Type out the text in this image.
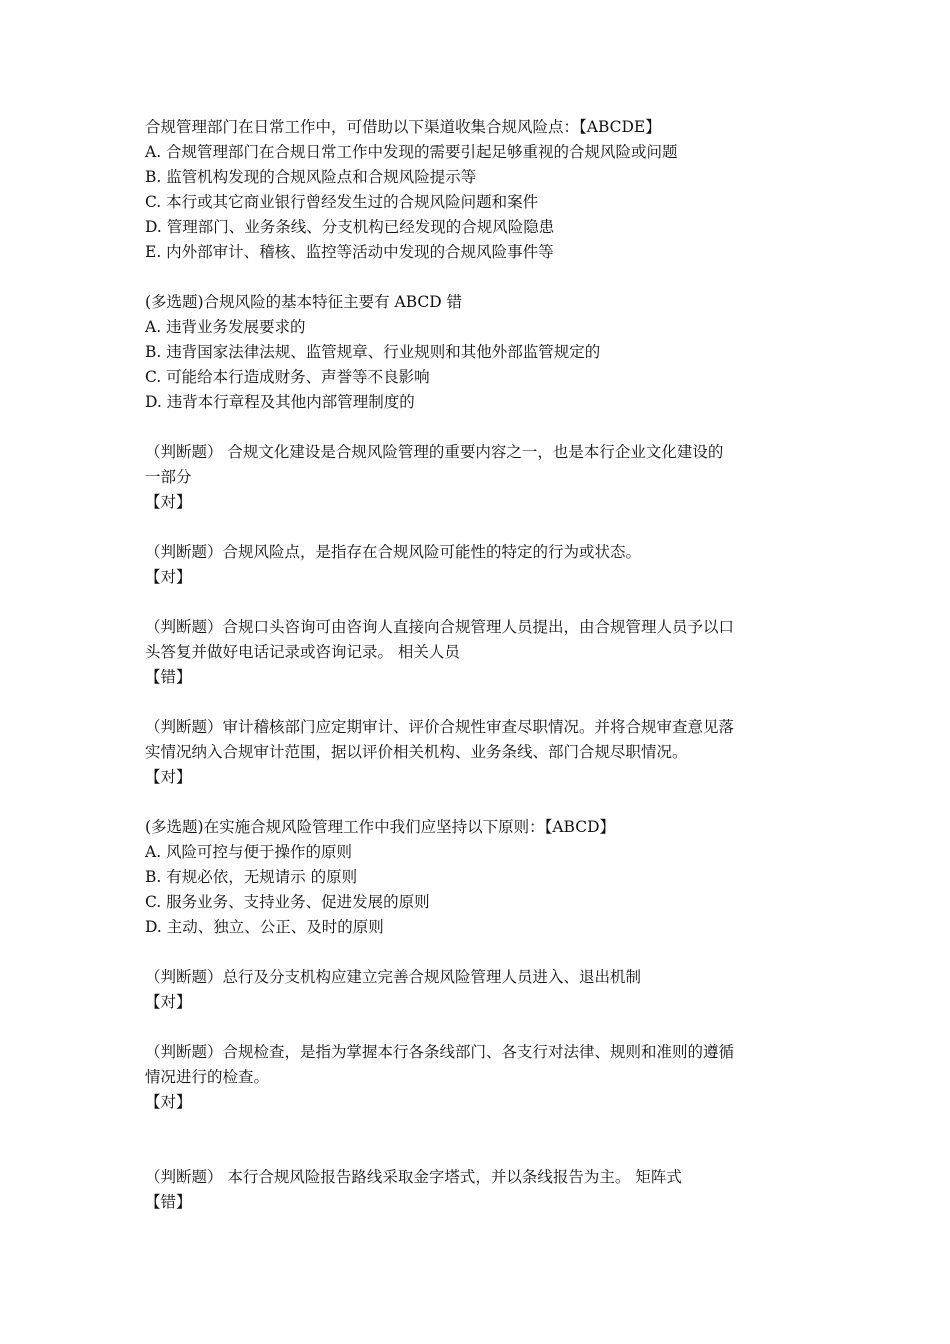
合规管理部门在日常工作中，可借助以下渠道收集合规风险点：【ABCDE】
A. 合规管理部门在合规日常工作中发现的需要引起足够重视的合规风险或问题
B. 监管机构发现的合规风险点和合规风险提示等
C. 本行或其它商业银行曾经发生过的合规风险问题和案件
D. 管理部门、业务条线、分支机构已经发现的合规风险隐患
E. 内外部审计、稽核、监控等活动中发现的合规风险事件等
(多选题)合规风险的基本特征主要有 ABCD 错
A. 违背业务发展要求的
B. 违背国家法律法规、监管规章、行业规则和其他外部监管规定的
C. 可能给本行造成财务、声誉等不良影响
D. 违背本行章程及其他内部管理制度的
（判断题） 合规文化建设是合规风险管理的重要内容之一，也是本行企业文化建设的
一部分
【对】
（判断题）合规风险点，是指存在合规风险可能性的特定的行为或状态。
【对】
（判断题）合规口头咨询可由咨询人直接向合规管理人员提出，由合规管理人员予以口
头答复并做好电话记录或咨询记录。 相关人员
【错】
（判断题）审计稽核部门应定期审计、评价合规性审查尽职情况。并将合规审查意见落
实情况纳入合规审计范围，据以评价相关机构、业务条线、部门合规尽职情况。
【对】
(多选题)在实施合规风险管理工作中我们应坚持以下原则：【ABCD】
A. 风险可控与便于操作的原则
B. 有规必依，无规请示 的原则
C. 服务业务、支持业务、促进发展的原则
D. 主动、独立、公正、及时的原则
（判断题）总行及分支机构应建立完善合规风险管理人员进入、退出机制
【对】
（判断题）合规检查，是指为掌握本行各条线部门、各支行对法律、规则和准则的遵循
情况进行的检查。
【对】
（判断题） 本行合规风险报告路线采取金字塔式，并以条线报告为主。 矩阵式
【错】
